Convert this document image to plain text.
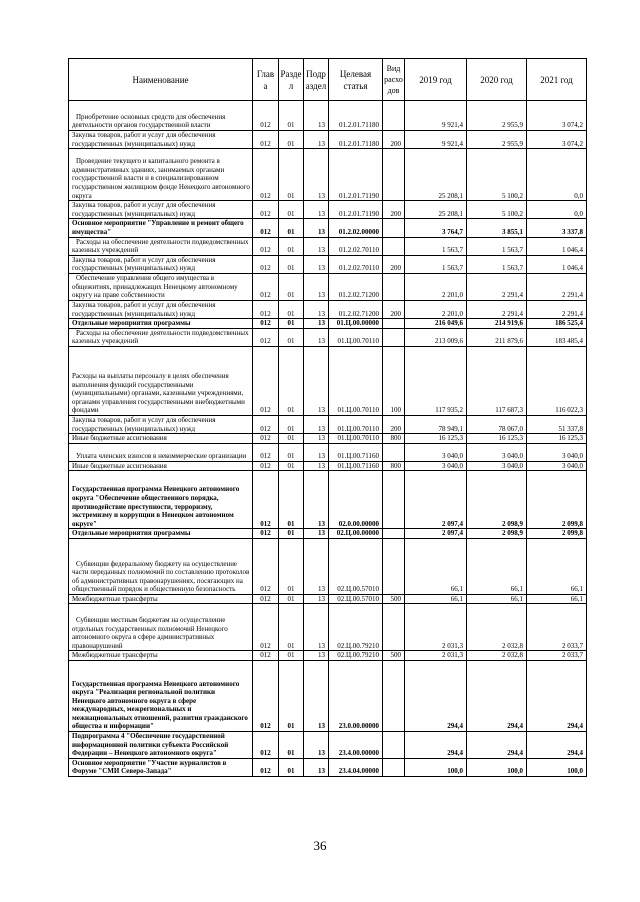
Наименование	Глав а	Разде л	Подр аздел	Целевая статья	Вид расхо дов	2019 год	2020 год	2021 год
Приобретение основных средств для обеспечения деятельности органов государственной власти	012	01	13	01.2.01.71180		9 921,4	2 955,9	3 074,2
Закупка товаров, работ и услуг для обеспечения государственных (муниципальных) нужд	012	01	13	01.2.01.71180	200	9 921,4	2 955,9	3 074,2
Проведение текущего и капитального ремонта в административных зданиях, занимаемых органами государственной власти и в специализированном государственном жилищном фонде Ненецкого автономного округа	012	01	13	01.2.01.71190		25 208,1	5 100,2	0,0
Закупка товаров, работ и услуг для обеспечения государственных (муниципальных) нужд	012	01	13	01.2.01.71190	200	25 208,1	5 100,2	0,0
Основное мероприятие "Управление и ремонт общего имущества"	012	01	13	01.2.02.00000		3 764,7	3 855,1	3 337,8
Расходы на обеспечение деятельности подведомственных казенных учреждений	012	01	13	01.2.02.70110		1 563,7	1 563,7	1 046,4
Закупка товаров, работ и услуг для обеспечения государственных (муниципальных) нужд	012	01	13	01.2.02.70110	200	1 563,7	1 563,7	1 046,4
Обеспечение управления общего имущества в общежитиях, принадлежащих Ненецкому автономному округу на праве собственности	012	01	13	01.2.02.71200		2 201,0	2 291,4	2 291,4
Закупка товаров, работ и услуг для обеспечения государственных (муниципальных) нужд	012	01	13	01.2.02.71200	200	2 201,0	2 291,4	2 291,4
Отдельные мероприятия программы	012	01	13	01.Ц.00.00000		216 049,6	214 919,6	186 525,4
Расходы на обеспечение деятельности подведомственных казенных учреждений	012	01	13	01.Ц.00.70110		213 009,6	211 879,6	183 485,4
Расходы на выплаты персоналу в целях обеспечения выполнения функций государственными (муниципальными) органами, казенными учреждениями, органами управления государственными внебюджетными фондами	012	01	13	01.Ц.00.70110	100	117 935,2	117 687,3	116 022,3
Закупка товаров, работ и услуг для обеспечения государственных (муниципальных) нужд	012	01	13	01.Ц.00.70110	200	78 949,1	78 067,0	51 337,8
Иные бюджетные ассигнования	012	01	13	01.Ц.00.70110	800	16 125,3	16 125,3	16 125,3
Уплата членских взносов в некоммерческие организации	012	01	13	01.Ц.00.71160		3 040,0	3 040,0	3 040,0
Иные бюджетные ассигнования	012	01	13	01.Ц.00.71160	800	3 040,0	3 040,0	3 040,0
Государственная программа Ненецкого автономного округа "Обеспечение общественного порядка, противодействие преступности, терроризму, экстремизму и коррупции в Ненецком автономном округе"	012	01	13	02.0.00.00000		2 097,4	2 098,9	2 099,8
Отдельные мероприятия программы	012	01	13	02.Ц.00.00000		2 097,4	2 098,9	2 099,8
Субвенции федеральному бюджету на осуществление части переданных полномочий по составлению протоколов об административных правонарушениях, посягающих на общественный порядок и общественную безопасность	012	01	13	02.Ц.00.57010		66,1	66,1	66,1
Межбюджетные трансферты	012	01	13	02.Ц.00.57010	500	66,1	66,1	66,1
Субвенции местным бюджетам на осуществление отдельных государственных полномочий Ненецкого автономного округа в сфере административных правонарушений	012	01	13	02.Ц.00.79210		2 031,3	2 032,8	2 033,7
Межбюджетные трансферты	012	01	13	02.Ц.00.79210	500	2 031,3	2 032,8	2 033,7
Государственная программа Ненецкого автономного округа "Реализация региональной политики Ненецкого автономного округа в сфере международных, межрегиональных и межнациональных отношений, развития гражданского общества и информации"	012	01	13	23.0.00.00000		294,4	294,4	294,4
Подпрограмма 4 "Обеспечение государственной информационной политики субъекта Российской Федерации – Ненецкого автономного округа"	012	01	13	23.4.00.00000		294,4	294,4	294,4
Основное мероприятие "Участие журналистов в Форуме "СМИ Северо-Запада"	012	01	13	23.4.04.00000		100,0	100,0	100,0
36
